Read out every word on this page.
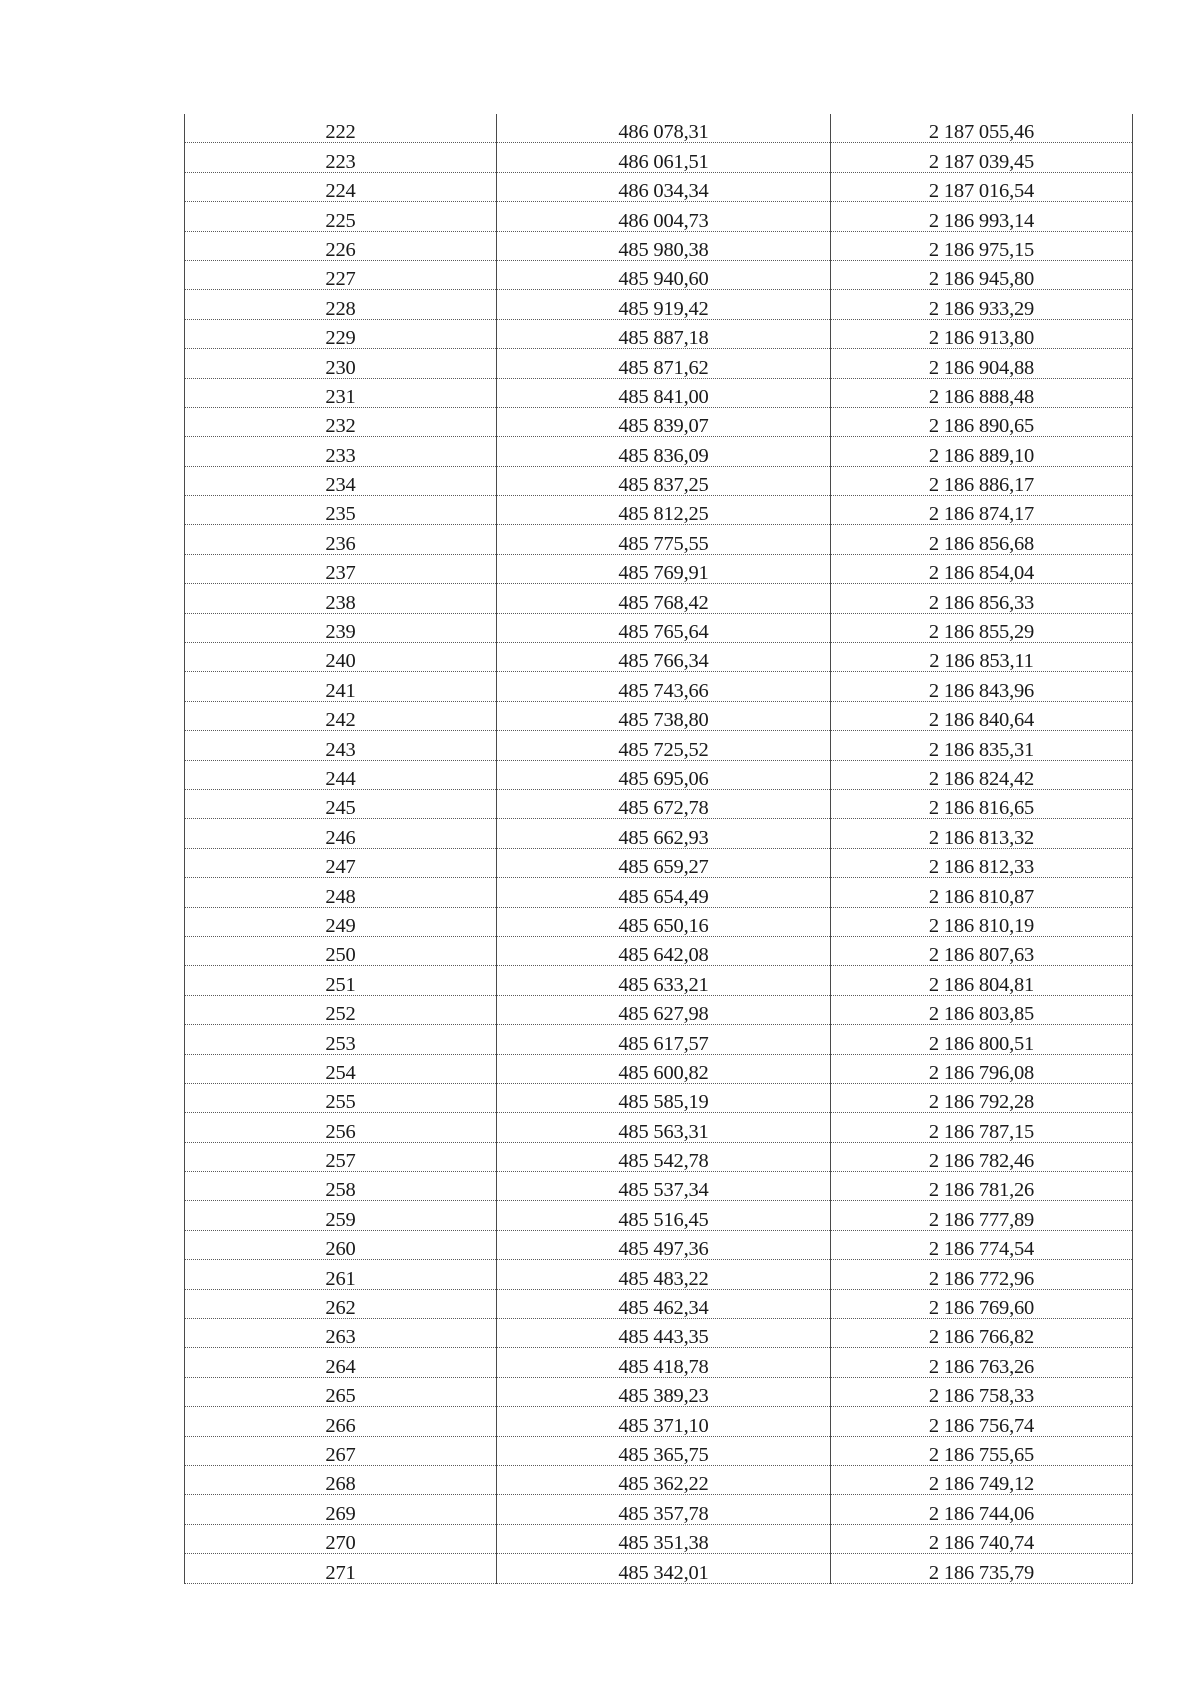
222	486 078,31	2 187 055,46
223	486 061,51	2 187 039,45
224	486 034,34	2 187 016,54
225	486 004,73	2 186 993,14
226	485 980,38	2 186 975,15
227	485 940,60	2 186 945,80
228	485 919,42	2 186 933,29
229	485 887,18	2 186 913,80
230	485 871,62	2 186 904,88
231	485 841,00	2 186 888,48
232	485 839,07	2 186 890,65
233	485 836,09	2 186 889,10
234	485 837,25	2 186 886,17
235	485 812,25	2 186 874,17
236	485 775,55	2 186 856,68
237	485 769,91	2 186 854,04
238	485 768,42	2 186 856,33
239	485 765,64	2 186 855,29
240	485 766,34	2 186 853,11
241	485 743,66	2 186 843,96
242	485 738,80	2 186 840,64
243	485 725,52	2 186 835,31
244	485 695,06	2 186 824,42
245	485 672,78	2 186 816,65
246	485 662,93	2 186 813,32
247	485 659,27	2 186 812,33
248	485 654,49	2 186 810,87
249	485 650,16	2 186 810,19
250	485 642,08	2 186 807,63
251	485 633,21	2 186 804,81
252	485 627,98	2 186 803,85
253	485 617,57	2 186 800,51
254	485 600,82	2 186 796,08
255	485 585,19	2 186 792,28
256	485 563,31	2 186 787,15
257	485 542,78	2 186 782,46
258	485 537,34	2 186 781,26
259	485 516,45	2 186 777,89
260	485 497,36	2 186 774,54
261	485 483,22	2 186 772,96
262	485 462,34	2 186 769,60
263	485 443,35	2 186 766,82
264	485 418,78	2 186 763,26
265	485 389,23	2 186 758,33
266	485 371,10	2 186 756,74
267	485 365,75	2 186 755,65
268	485 362,22	2 186 749,12
269	485 357,78	2 186 744,06
270	485 351,38	2 186 740,74
271	485 342,01	2 186 735,79
